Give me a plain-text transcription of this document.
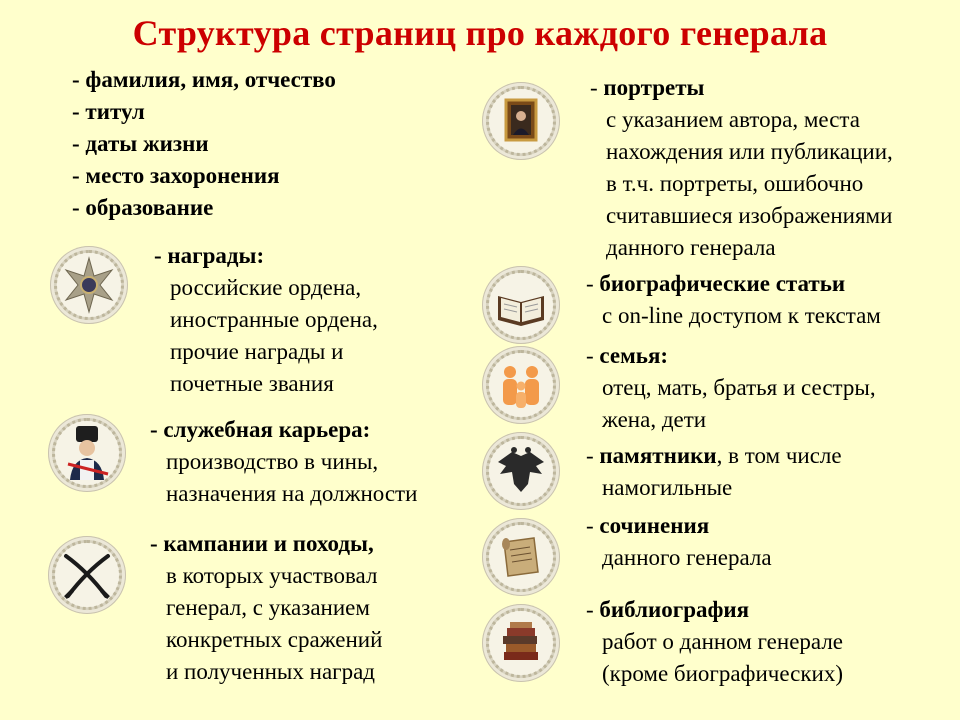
Структура страниц про каждого генерала
- фамилия, имя, отчество
- титул
- даты жизни
- место захоронения
- образование
- награды:
российские ордена,
иностранные ордена,
прочие награды и
почетные звания
- служебная карьера:
производство в чины,
назначения на должности
- кампании и походы,
в которых участвовал
генерал, с указанием
конкретных сражений
и полученных наград
- портреты
с указанием автора, места
нахождения или публикации,
в т.ч. портреты, ошибочно
считавшиеся изображениями
данного генерала
- биографические статьи
с on-line доступом к текстам
- семья:
отец, мать, братья и сестры,
жена, дети
- памятники, в том числе
намогильные
- сочинения
данного генерала
- библиография
работ о данном генерале
(кроме биографических)
